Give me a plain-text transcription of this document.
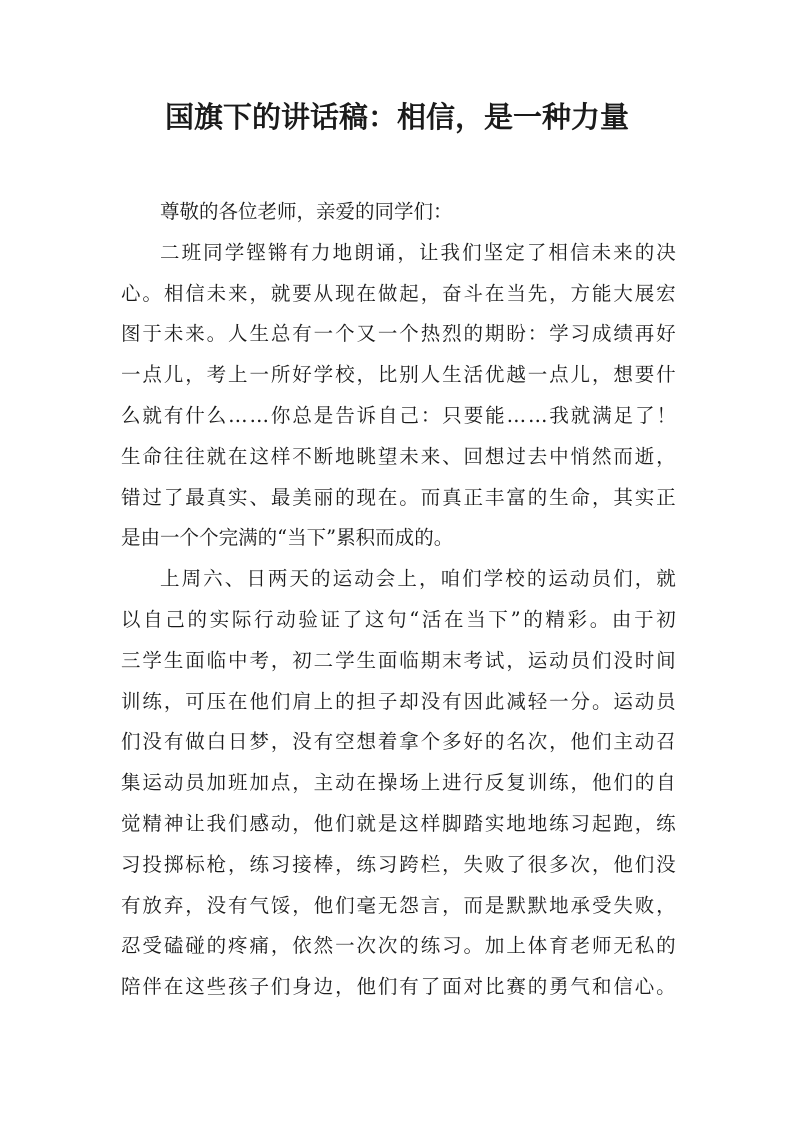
国旗下的讲话稿：相信，是一种力量
尊敬的各位老师，亲爱的同学们：
二 班 同 学 铿 锵 有 力 地 朗 诵 ， 让 我 们 坚 定 了 相 信 未 来 的 决
心 。 相 信 未 来 ， 就 要 从 现 在 做 起 ， 奋 斗 在 当 先 ， 方 能 大 展 宏
图 于 未 来 。 人 生 总 有 一 个 又 一 个 热 烈 的 期 盼 ： 学 习 成 绩 再 好
一 点 儿 ， 考 上 一 所 好 学 校 ， 比 别 人 生 活 优 越 一 点 儿 ， 想 要 什
么 就 有 什 么 … … 你 总 是 告 诉 自 己 ： 只 要 能 … … 我 就 满 足 了 ！
生 命 往 往 就 在 这 样 不 断 地 眺 望 未 来 、 回 想 过 去 中 悄 然 而 逝 ，
错 过 了 最 真 实 、 最 美 丽 的 现 在 。 而 真 正 丰 富 的 生 命 ， 其 实 正
是 由 一 个 个 完 满 的 “ 当 下 ” 累 积 而 成 的 。
上 周 六 、 日 两 天 的 运 动 会 上 ， 咱 们 学 校 的 运 动 员 们 ， 就
以 自 己 的 实 际 行 动 验 证 了 这 句 “ 活 在 当 下 ” 的 精 彩 。 由 于 初
三 学 生 面 临 中 考 ， 初 二 学 生 面 临 期 末 考 试 ， 运 动 员 们 没 时 间
训 练 ， 可 压 在 他 们 肩 上 的 担 子 却 没 有 因 此 减 轻 一 分 。 运 动 员
们 没 有 做 白 日 梦 ， 没 有 空 想 着 拿 个 多 好 的 名 次 ， 他 们 主 动 召
集 运 动 员 加 班 加 点 ， 主 动 在 操 场 上 进 行 反 复 训 练 ， 他 们 的 自
觉 精 神 让 我 们 感 动 ， 他 们 就 是 这 样 脚 踏 实 地 地 练 习 起 跑 ， 练
习 投 掷 标 枪 ， 练 习 接 棒 ， 练 习 跨 栏 ， 失 败 了 很 多 次 ， 他 们 没
有 放 弃 ， 没 有 气 馁 ， 他 们 毫 无 怨 言 ， 而 是 默 默 地 承 受 失 败 ，
忍 受 磕 碰 的 疼 痛 ， 依 然 一 次 次 的 练 习 。 加 上 体 育 老 师 无 私 的
陪 伴 在 这 些 孩 子 们 身 边 ， 他 们 有 了 面 对 比 赛 的 勇 气 和 信 心 。
